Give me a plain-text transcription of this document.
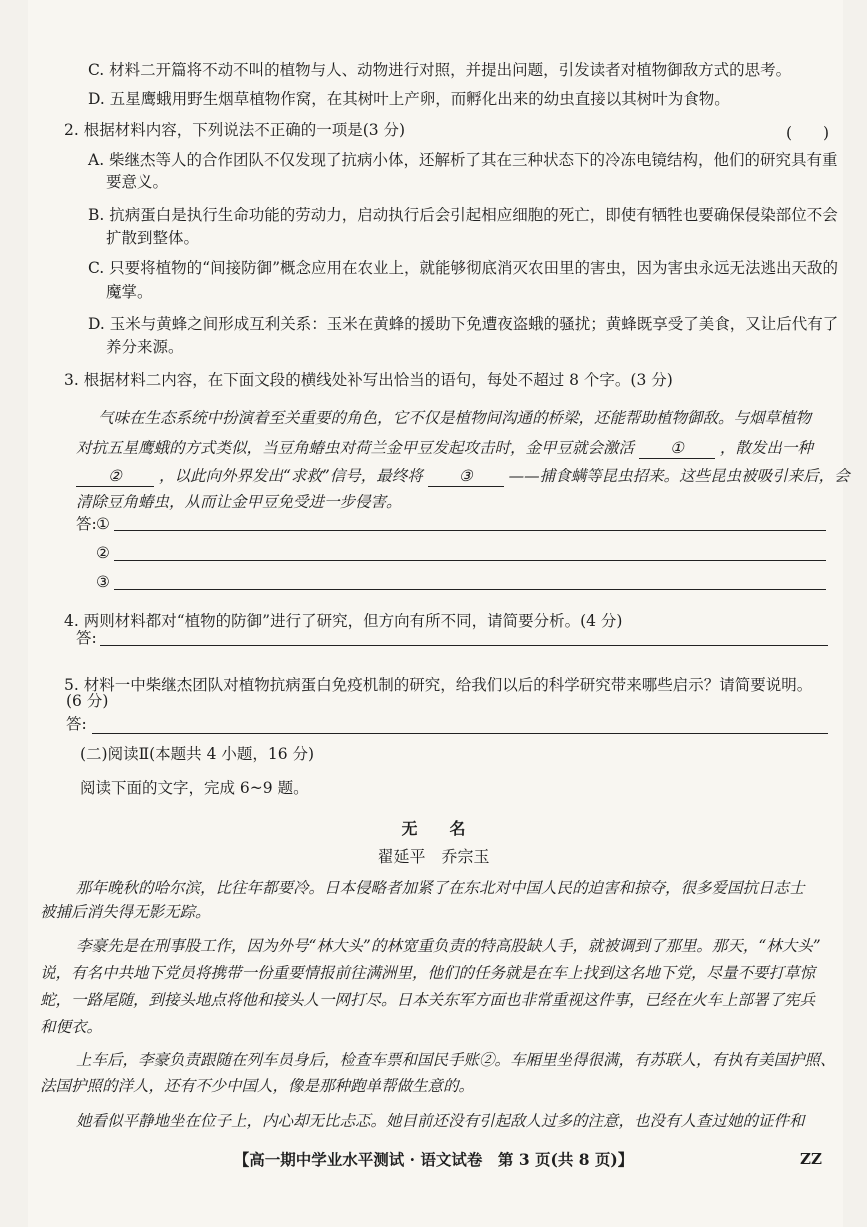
C. 材料二开篇将不动不叫的植物与人、动物进行对照，并提出问题，引发读者对植物御敌方式的思考。
D. 五星鹰蛾用野生烟草植物作窝，在其树叶上产卵，而孵化出来的幼虫直接以其树叶为食物。
2. 根据材料内容，下列说法不正确的一项是(3 分)	(　　)
A. 柴继杰等人的合作团队不仅发现了抗病小体，还解析了其在三种状态下的冷冻电镜结构，他们的研究具有重
要意义。
B. 抗病蛋白是执行生命功能的劳动力，启动执行后会引起相应细胞的死亡，即使有牺牲也要确保侵染部位不会
扩散到整体。
C. 只要将植物的“间接防御”概念应用在农业上，就能够彻底消灭农田里的害虫，因为害虫永远无法逃出天敌的
魔掌。
D. 玉米与黄蜂之间形成互利关系：玉米在黄蜂的援助下免遭夜盗蛾的骚扰；黄蜂既享受了美食，又让后代有了
养分来源。
3. 根据材料二内容，在下面文段的横线处补写出恰当的语句，每处不超过 8 个字。(3 分)
气味在生态系统中扮演着至关重要的角色，它不仅是植物间沟通的桥梁，还能帮助植物御敌。与烟草植物
对抗五星鹰蛾的方式类似，当豆角蝽虫对荷兰金甲豆发起攻击时，金甲豆就会激活 ① ，散发出一种
② ，以此向外界发出“求救”信号，最终将 ③ ——捕食螨等昆虫招来。这些昆虫被吸引来后，会
清除豆角蝽虫，从而让金甲豆免受进一步侵害。
答: ①
②
③
4. 两则材料都对“植物的防御”进行了研究，但方向有所不同，请简要分析。(4 分)
答:
5. 材料一中柴继杰团队对植物抗病蛋白免疫机制的研究，给我们以后的科学研究带来哪些启示？请简要说明。
(6 分)
答:
(二)阅读Ⅱ(本题共 4 小题，16 分)
阅读下面的文字，完成 6~9 题。
无　　名
翟延平　乔宗玉
那年晚秋的哈尔滨，比往年都要冷。日本侵略者加紧了在东北对中国人民的迫害和掠夺，很多爱国抗日志士
被捕后消失得无影无踪。
李豪先是在刑事股工作，因为外号“林大头”的林宽重负责的特高股缺人手，就被调到了那里。那天，“林大头”
说，有名中共地下党员将携带一份重要情报前往满洲里，他们的任务就是在车上找到这名地下党，尽量不要打草惊
蛇，一路尾随，到接头地点将他和接头人一网打尽。日本关东军方面也非常重视这件事，已经在火车上部署了宪兵
和便衣。
上车后，李豪负责跟随在列车员身后，检查车票和国民手账②。车厢里坐得很满，有苏联人，有执有美国护照、
法国护照的洋人，还有不少中国人，像是那种跑单帮做生意的。
她看似平静地坐在位子上，内心却无比忐忑。她目前还没有引起敌人过多的注意，也没有人查过她的证件和
【高一期中学业水平测试 · 语文试卷　第 3 页(共 8 页)】	ZZ
